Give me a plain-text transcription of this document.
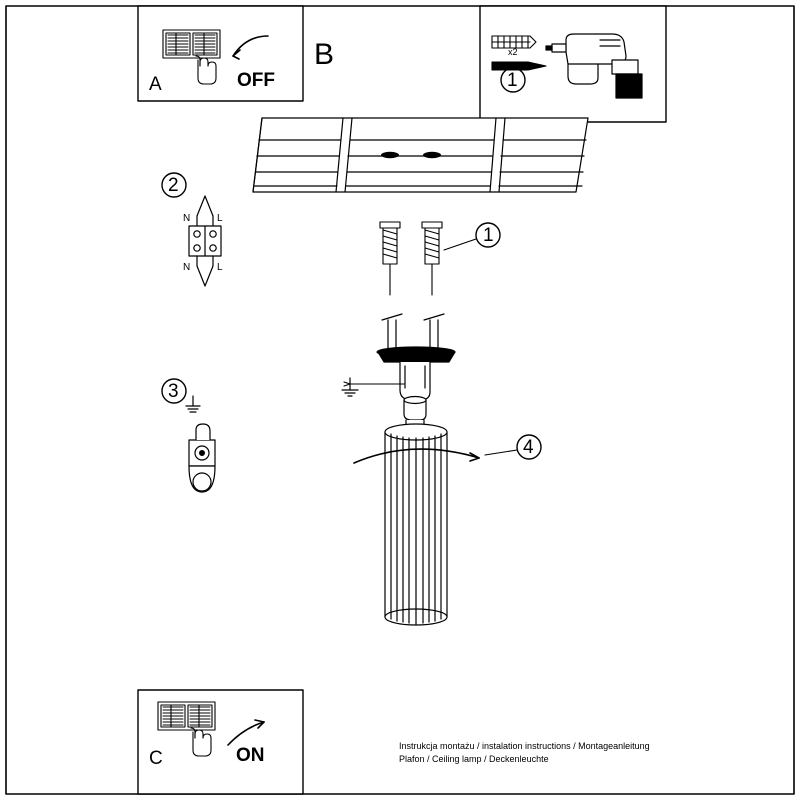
A	OFF
B
1
x2
2
3
1
4
N	L
N	L
C	ON	Instrukcja montażu / instalation instructions / Montageanleitung
Plafon / Ceiling lamp / Deckenleuchte
